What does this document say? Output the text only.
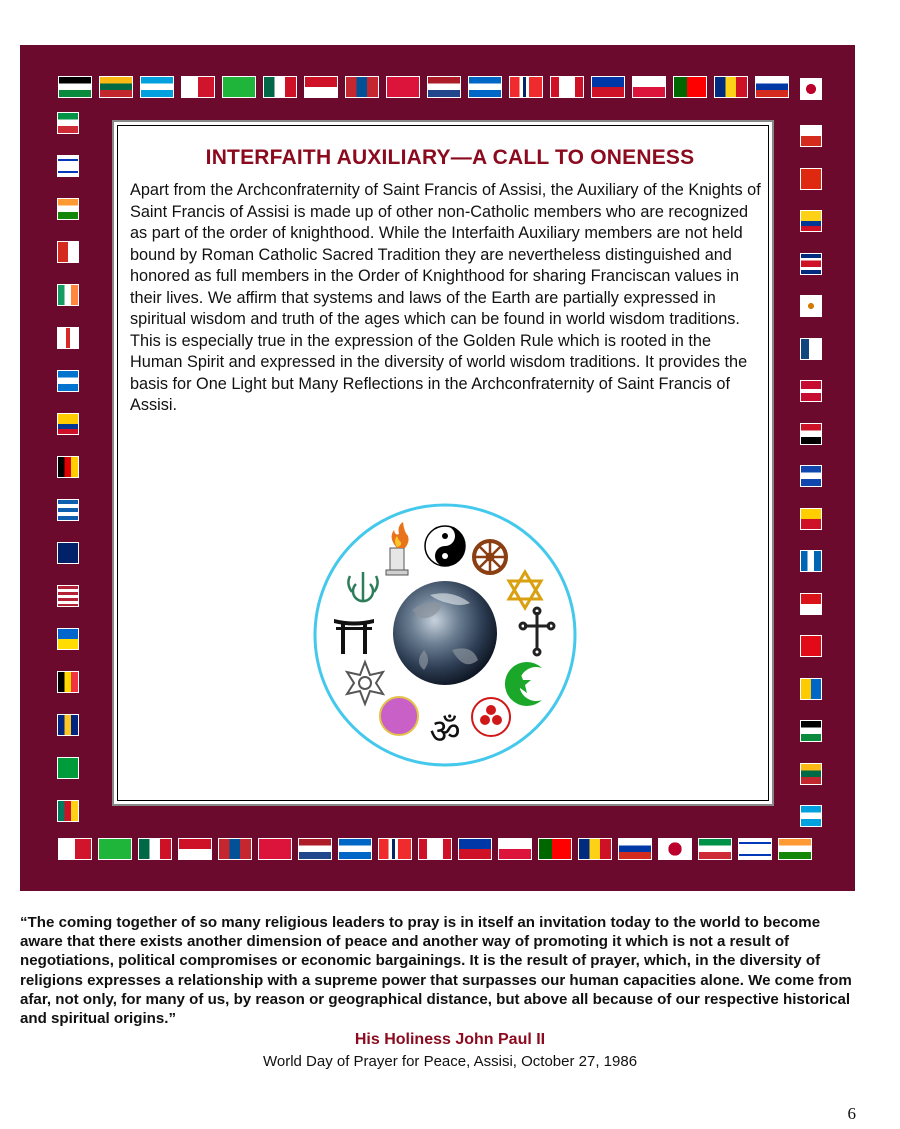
INTERFAITH AUXILIARY—A CALL TO ONENESS

Apart from the Archconfraternity of Saint Francis of Assisi, the Auxiliary of the Knights of Saint Francis of Assisi is made up of other non-Catholic members who are recognized as part of the order of knighthood. While the Interfaith Auxiliary members are not held bound by Roman Catholic Sacred Tradition they are nevertheless distinguished and honored as full members in the Order of Knighthood for sharing Franciscan values in their lives. We affirm that systems and laws of the Earth are partially expressed in spiritual wisdom and truth of the ages which can be found in world wisdom traditions. This is especially true in the expression of the Golden Rule which is rooted in the Human Spirit and expressed in the diversity of world wisdom traditions. It provides the basis for One Light but Many Reflections in the Archconfraternity of Saint Francis of Assisi.

ॐ

“The coming together of so many religious leaders to pray is in itself an invitation today to the world to become aware that there exists another dimension of peace and another way of promoting it which is not a result of negotiations, political compromises or economic bargainings. It is the result of prayer, which, in the diversity of religions expresses a relationship with a supreme power that surpasses our human capacities alone. We come from afar, not only, for many of us, by reason or geographical distance, but above all because of our respective historical and spiritual origins.”

His Holiness John Paul II
World Day of Prayer for Peace, Assisi, October 27, 1986
6
